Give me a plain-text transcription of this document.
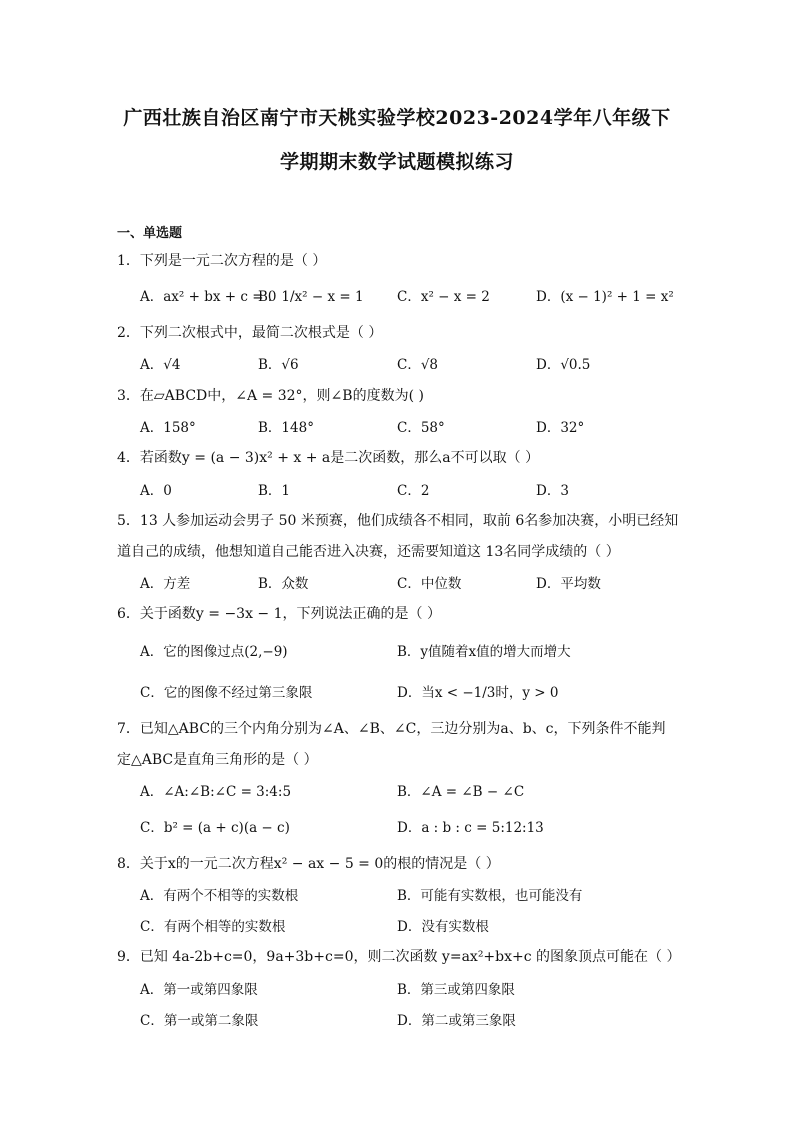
广西壮族自治区南宁市天桃实验学校2023-2024学年八年级下
学期期末数学试题模拟练习
一、单选题
1．下列是一元二次方程的是（ ）
A．ax² + bx + c = 0
B．1/x² − x = 1 C．x² − x = 2	D．(x − 1)² + 1 = x²
2．下列二次根式中，最简二次根式是（ ）
A．√4	B．√6	C．√8	D．√0.5
3．在▱ABCD中，∠A = 32°，则∠B的度数为( )
A．158°	B．148°	C．58°	D．32°
4．若函数y = (a − 3)x² + x + a是二次函数，那么a不可以取（ ）
A．0	B．1	C．2	D．3
5．13 人参加运动会男子 50 米预赛，他们成绩各不相同，取前 6名参加决赛，小明已经知
道自己的成绩，他想知道自己能否进入决赛，还需要知道这 13名同学成绩的（ ）
A．方差	B．众数	C．中位数	D．平均数
6．关于函数y = −3x − 1，下列说法正确的是（ ）
A．它的图像过点(2,−9)	B．y值随着x值的增大而增大
C．它的图像不经过第三象限	D．当x < −1/3时，y > 0
7．已知△ABC的三个内角分别为∠A、∠B、∠C，三边分别为a、b、c，下列条件不能判
定△ABC是直角三角形的是（ ）
A．∠A:∠B:∠C = 3:4:5	B．∠A = ∠B − ∠C
C．b² = (a + c)(a − c)	D．a : b : c = 5:12:13
8．关于x的一元二次方程x² − ax − 5 = 0的根的情况是（ ）
A．有两个不相等的实数根	B．可能有实数根，也可能没有
C．有两个相等的实数根	D．没有实数根
9．已知 4a-2b+c=0，9a+3b+c=0，则二次函数 y=ax²+bx+c 的图象顶点可能在（ ）
A．第一或第四象限	B．第三或第四象限
C．第一或第二象限	D．第二或第三象限
